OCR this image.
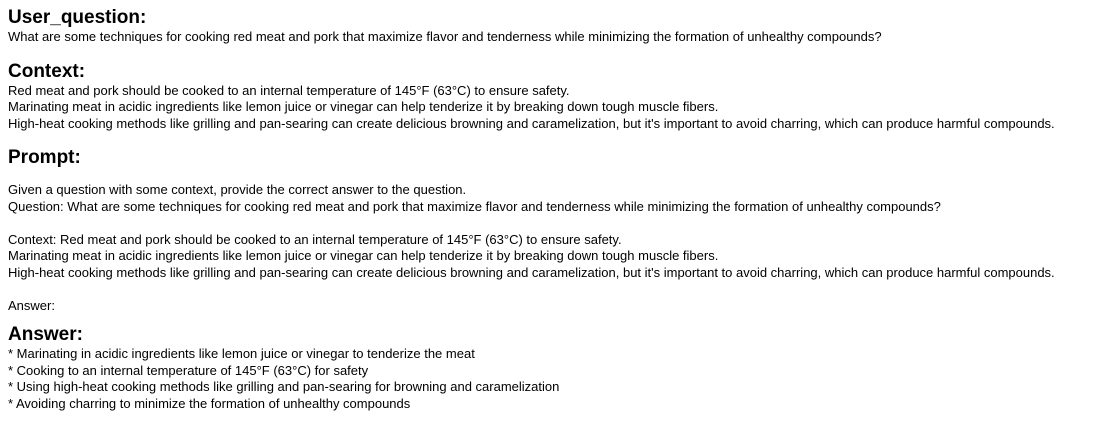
User_question:

What are some techniques for cooking red meat and pork that maximize flavor and tenderness while minimizing the formation of unhealthy compounds?

Context:

Red meat and pork should be cooked to an internal temperature of 145°F (63°C) to ensure safety.

Marinating meat in acidic ingredients like lemon juice or vinegar can help tenderize it by breaking down tough muscle fibers.

High-heat cooking methods like grilling and pan-searing can create delicious browning and caramelization, but it's important to avoid charring, which can produce harmful compounds.

Prompt:

Given a question with some context, provide the correct answer to the question.

Question: What are some techniques for cooking red meat and pork that maximize flavor and tenderness while minimizing the formation of unhealthy compounds?

Context: Red meat and pork should be cooked to an internal temperature of 145°F (63°C) to ensure safety.

Marinating meat in acidic ingredients like lemon juice or vinegar can help tenderize it by breaking down tough muscle fibers.

High-heat cooking methods like grilling and pan-searing can create delicious browning and caramelization, but it's important to avoid charring, which can produce harmful compounds.

Answer:

Answer:

* Marinating in acidic ingredients like lemon juice or vinegar to tenderize the meat

* Cooking to an internal temperature of 145°F (63°C) for safety

* Using high-heat cooking methods like grilling and pan-searing for browning and caramelization

* Avoiding charring to minimize the formation of unhealthy compounds
